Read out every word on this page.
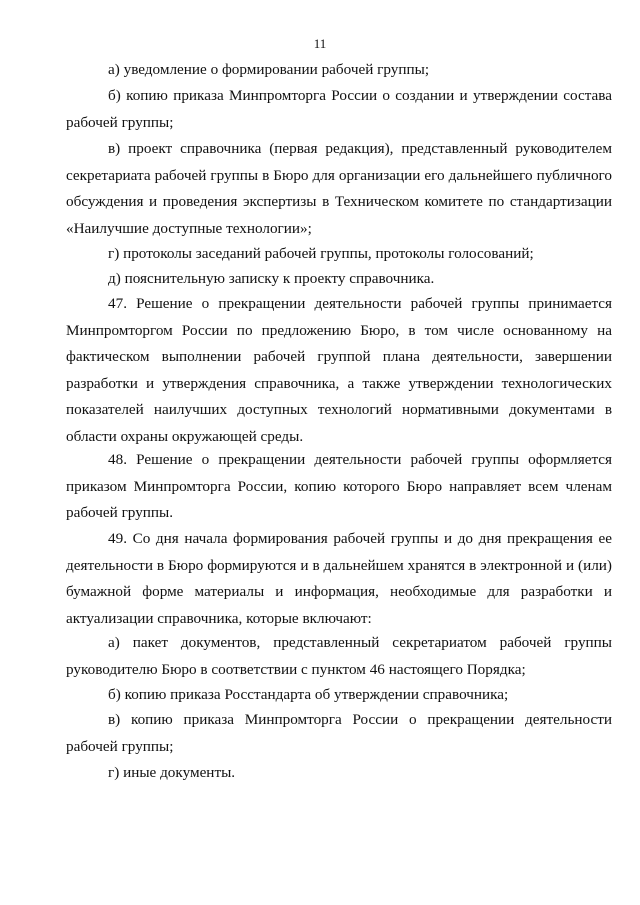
11

а) уведомление о формировании рабочей группы;

б) копию приказа Минпромторга России о создании и утверждении состава рабочей группы;

в) проект справочника (первая редакция), представленный руководителем секретариата рабочей группы в Бюро для организации его дальнейшего публичного обсуждения и проведения экспертизы в Техническом комитете по стандартизации «Наилучшие доступные технологии»;

г) протоколы заседаний рабочей группы, протоколы голосований;

д) пояснительную записку к проекту справочника.

47. Решение о прекращении деятельности рабочей группы принимается Минпромторгом России по предложению Бюро, в том числе основанному на фактическом выполнении рабочей группой плана деятельности, завершении разработки и утверждения справочника, а также утверждении технологических показателей наилучших доступных технологий нормативными документами в области охраны окружающей среды.

48. Решение о прекращении деятельности рабочей группы оформляется приказом Минпромторга России, копию которого Бюро направляет всем членам рабочей группы.

49. Со дня начала формирования рабочей группы и до дня прекращения ее деятельности в Бюро формируются и в дальнейшем хранятся в электронной и (или) бумажной форме материалы и информация, необходимые для разработки и актуализации справочника, которые включают:

а) пакет документов, представленный секретариатом рабочей группы руководителю Бюро в соответствии с пунктом 46 настоящего Порядка;

б) копию приказа Росстандарта об утверждении справочника;

в) копию приказа Минпромторга России о прекращении деятельности рабочей группы;

г) иные документы.
